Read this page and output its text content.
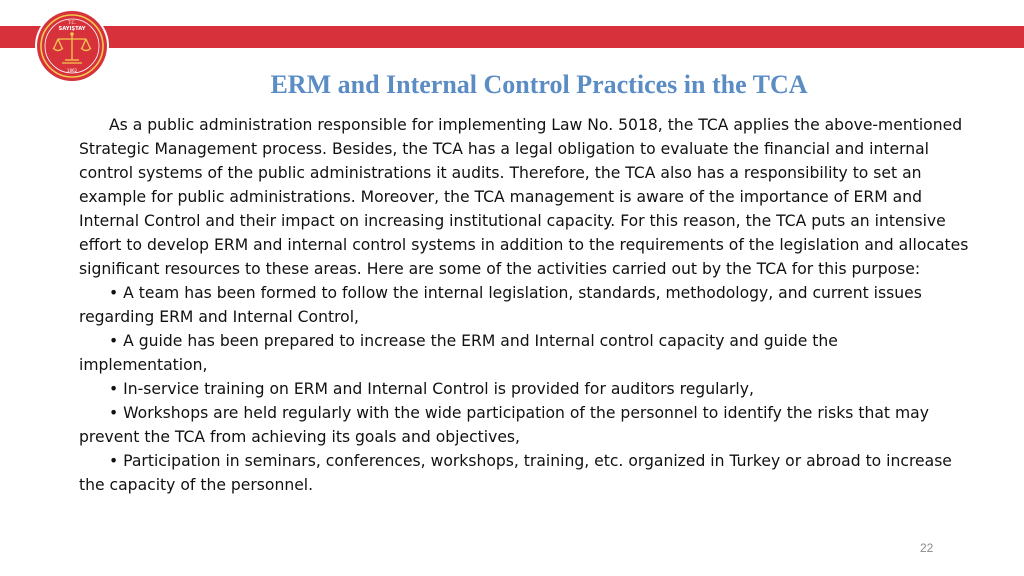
T.C.
SAYIŞTAY
1862	ERM and Internal Control Practices in the TCA

As a public administration responsible for implementing Law No. 5018, the TCA applies the above-mentioned Strategic Management process. Besides, the TCA has a legal obligation to evaluate the financial and internal control systems of the public administrations it audits. Therefore, the TCA also has a responsibility to set an example for public administrations. Moreover, the TCA management is aware of the importance of ERM and Internal Control and their impact on increasing institutional capacity. For this reason, the TCA puts an intensive effort to develop ERM and internal control systems in addition to the requirements of the legislation and allocates significant resources to these areas. Here are some of the activities carried out by the TCA for this purpose:

• A team has been formed to follow the internal legislation, standards, methodology, and current issues regarding ERM and Internal Control,

• A guide has been prepared to increase the ERM and Internal control capacity and guide the implementation,

• In-service training on ERM and Internal Control is provided for auditors regularly,

• Workshops are held regularly with the wide participation of the personnel to identify the risks that may prevent the TCA from achieving its goals and objectives,

• Participation in seminars, conferences, workshops, training, etc. organized in Turkey or abroad to increase the capacity of the personnel.

22
